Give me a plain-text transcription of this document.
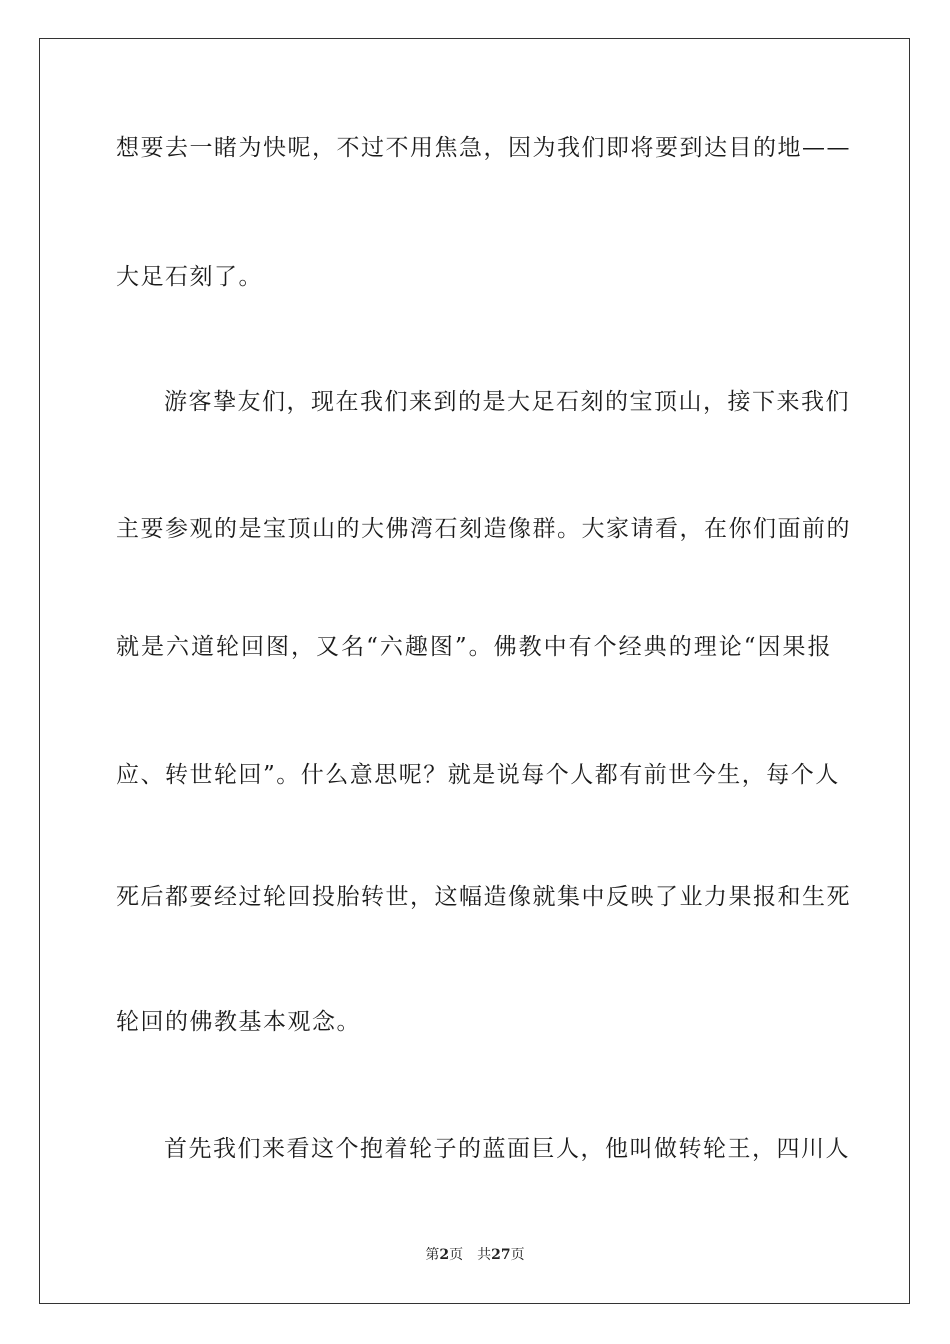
想要去一睹为快呢，不过不用焦急，因为我们即将要到达目的地——
大足石刻了。
游客挚友们，现在我们来到的是大足石刻的宝顶山，接下来我们
主要参观的是宝顶山的大佛湾石刻造像群。大家请看，在你们面前的
就是六道轮回图，又名“六趣图”。佛教中有个经典的理论“因果报
应、转世轮回”。什么意思呢？就是说每个人都有前世今生，每个人
死后都要经过轮回投胎转世，这幅造像就集中反映了业力果报和生死
轮回的佛教基本观念。
首先我们来看这个抱着轮子的蓝面巨人，他叫做转轮王，四川人
第2页 共27页
